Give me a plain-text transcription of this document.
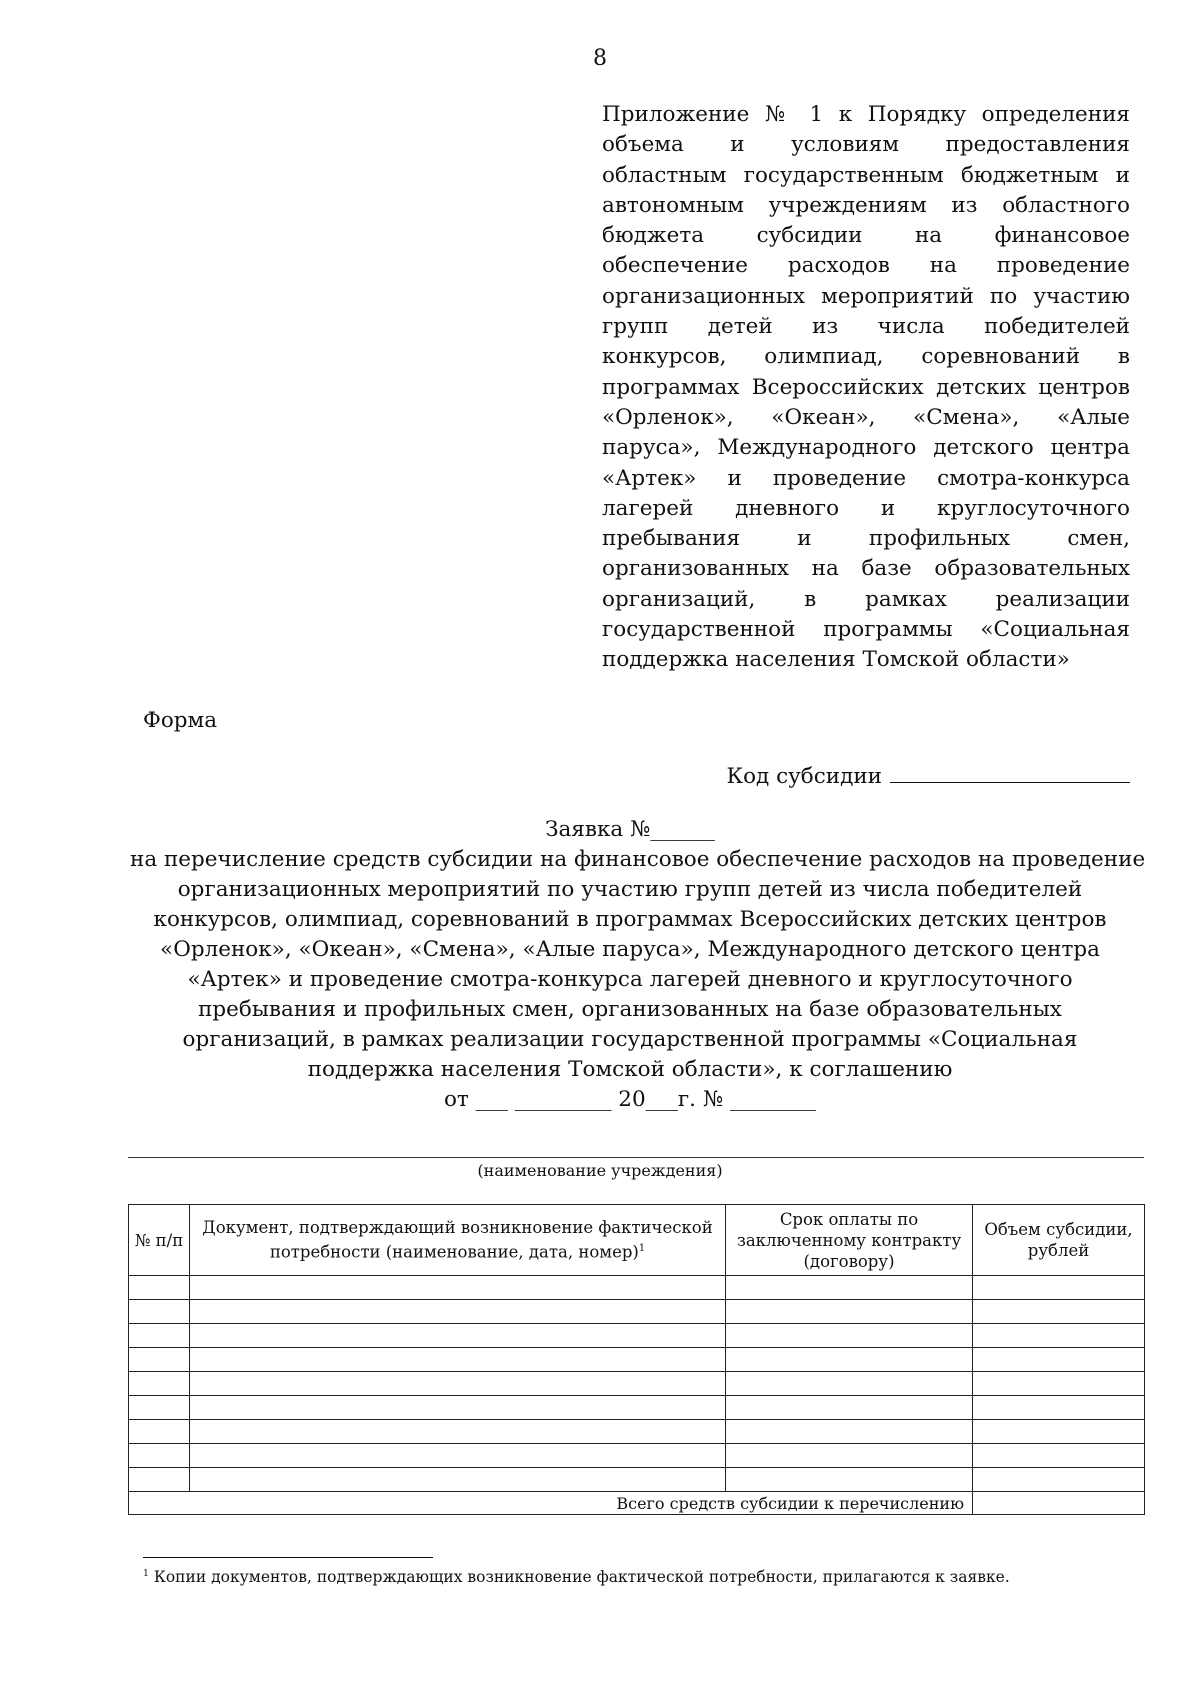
8
Приложение № 1 к Порядку определения объема и условиям предоставления областным государственным бюджетным и автономным учреждениям из областного бюджета субсидии на финансовое обеспечение расходов на проведение организационных мероприятий по участию групп детей из числа победителей конкурсов, олимпиад, соревнований в программах Всероссийских детских центров «Орленок», «Океан», «Смена», «Алые паруса», Международного детского центра «Артек» и проведение смотра-конкурса лагерей дневного и круглосуточного пребывания и профильных смен, организованных на базе образовательных организаций, в рамках реализации государственной программы «Социальная поддержка населения Томской области»
Форма
Код субсидии
Заявка №______
на перечисление средств субсидии на финансовое обеспечение расходов на проведение
организационных мероприятий по участию групп детей из числа победителей
конкурсов, олимпиад, соревнований в программах Всероссийских детских центров
«Орленок», «Океан», «Смена», «Алые паруса», Международного детского центра
«Артек» и проведение смотра-конкурса лагерей дневного и круглосуточного
пребывания и профильных смен, организованных на базе образовательных
организаций, в рамках реализации государственной программы «Социальная
поддержка населения Томской области», к соглашению
от ___ _________ 20___г. № ________
(наименование учреждения)
№ п/п	Документ, подтверждающий возникновение фактической потребности (наименование, дата, номер)$^1$	Срок оплаты по заключенному контракту (договору)	Объем субсидии, рублей

Всего средств субсидии к перечислению			
$^1$ Копии документов, подтверждающих возникновение фактической потребности, прилагаются к заявке.
